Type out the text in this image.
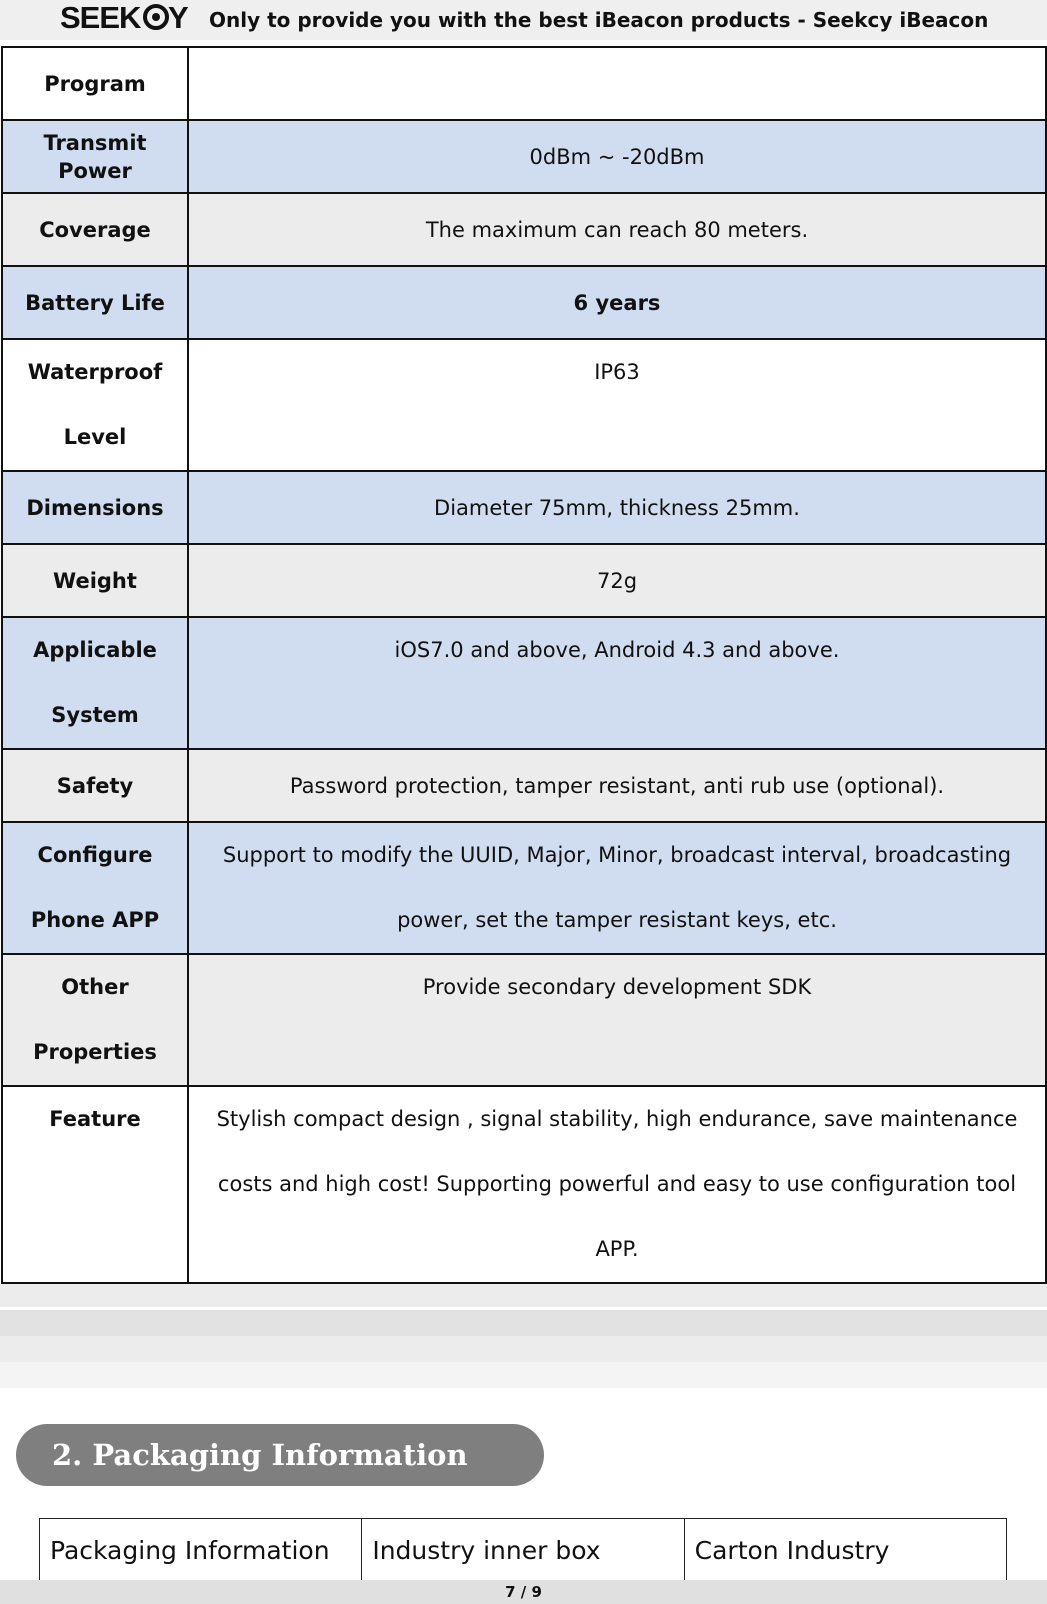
SEEK Y Only to provide you with the best iBeacon products - Seekcy iBeacon
Program	
Transmit Power	0dBm ~ -20dBm
Coverage	The maximum can reach 80 meters.
Battery Life	6 years
Waterproof Level	IP63
Dimensions	Diameter 75mm, thickness 25mm.
Weight	72g
Applicable System	iOS7.0 and above, Android 4.3 and above.
Safety	Password protection, tamper resistant, anti rub use (optional).
Configure Phone APP	Support to modify the UUID, Major, Minor, broadcast interval, broadcasting power, set the tamper resistant keys, etc.
Other Properties	Provide secondary development SDK
Feature	Stylish compact design , signal stability, high endurance, save maintenance costs and high cost! Supporting powerful and easy to use configuration tool APP.
2. Packaging Information
Packaging Information	Industry inner box	Carton Industry
7 / 9
